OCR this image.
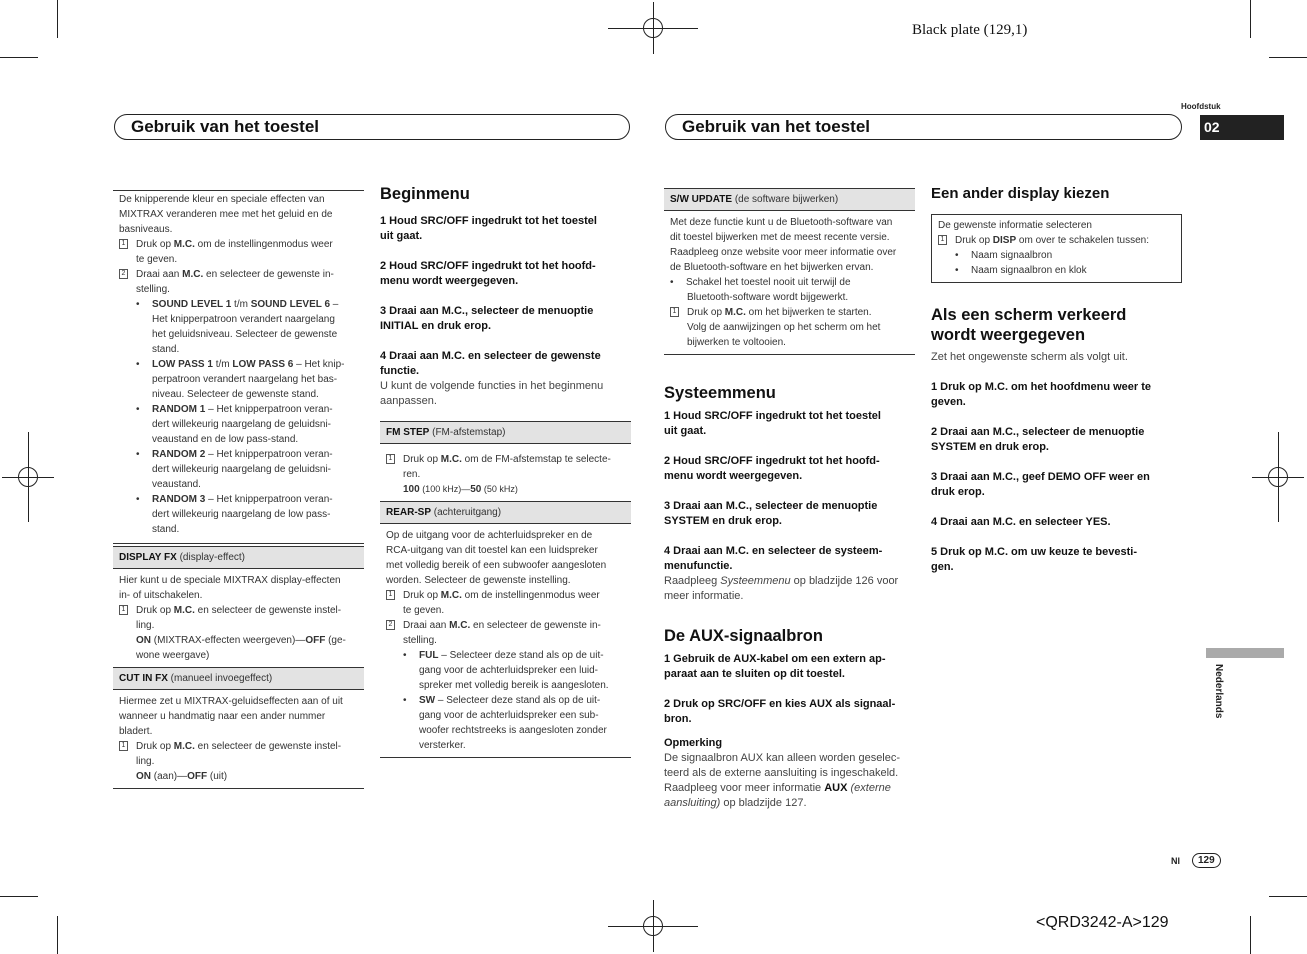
Black plate (129,1)
<QRD3242-A>129
Gebruik van het toestel	Gebruik van het toestel
Hoofdstuk
02
Nederlands
Nl	129
De knipperende kleur en speciale effecten van
MIXTRAX veranderen mee met het geluid en de
basniveaus.
1 Druk op M.C. om de instellingenmodus weer
te geven.
2 Draai aan M.C. en selecteer de gewenste in-
stelling.
•	SOUND LEVEL 1 t/m SOUND LEVEL 6 –
Het knipperpatroon verandert naargelang
het geluidsniveau. Selecteer de gewenste
stand.
•	LOW PASS 1 t/m LOW PASS 6 – Het knip-
perpatroon verandert naargelang het bas-
niveau. Selecteer de gewenste stand.
•	RANDOM 1 – Het knipperpatroon veran-
dert willekeurig naargelang de geluidsni-
veaustand en de low pass-stand.
•	RANDOM 2 – Het knipperpatroon veran-
dert willekeurig naargelang de geluidsni-
veaustand.
•	RANDOM 3 – Het knipperpatroon veran-
dert willekeurig naargelang de low pass-
stand.
DISPLAY FX (display-effect)
Hier kunt u de speciale MIXTRAX display-effecten
in- of uitschakelen.
1 Druk op M.C. en selecteer de gewenste instel-
ling.
ON (MIXTRAX-effecten weergeven)—OFF (ge-
wone weergave)
CUT IN FX (manueel invoegeffect)
Hiermee zet u MIXTRAX-geluidseffecten aan of uit
wanneer u handmatig naar een ander nummer
bladert.
1 Druk op M.C. en selecteer de gewenste instel-
ling.
ON (aan)—OFF (uit)
Beginmenu
1 Houd SRC/OFF ingedrukt tot het toestel
uit gaat.
2 Houd SRC/OFF ingedrukt tot het hoofd-
menu wordt weergegeven.
3 Draai aan M.C., selecteer de menuoptie
INITIAL en druk erop.
4 Draai aan M.C. en selecteer de gewenste
functie.
U kunt de volgende functies in het beginmenu
aanpassen.
FM STEP (FM-afstemstap)
1 Druk op M.C. om de FM-afstemstap te selecte-
ren.
100 (100 kHz)—50 (50 kHz)
REAR-SP (achteruitgang)
Op de uitgang voor de achterluidspreker en de
RCA-uitgang van dit toestel kan een luidspreker
met volledig bereik of een subwoofer aangesloten
worden. Selecteer de gewenste instelling.
1 Druk op M.C. om de instellingenmodus weer
te geven.
2 Draai aan M.C. en selecteer de gewenste in-
stelling.
•	FUL – Selecteer deze stand als op de uit-
gang voor de achterluidspreker een luid-
spreker met volledig bereik is aangesloten.
•	SW – Selecteer deze stand als op de uit-
gang voor de achterluidspreker een sub-
woofer rechtstreeks is aangesloten zonder
versterker.
S/W UPDATE (de software bijwerken)
Met deze functie kunt u de Bluetooth-software van
dit toestel bijwerken met de meest recente versie.
Raadpleeg onze website voor meer informatie over
de Bluetooth-software en het bijwerken ervan.
•	Schakel het toestel nooit uit terwijl de
Bluetooth-software wordt bijgewerkt.
1 Druk op M.C. om het bijwerken te starten.
Volg de aanwijzingen op het scherm om het
bijwerken te voltooien.
Systeemmenu
1 Houd SRC/OFF ingedrukt tot het toestel
uit gaat.
2 Houd SRC/OFF ingedrukt tot het hoofd-
menu wordt weergegeven.
3 Draai aan M.C., selecteer de menuoptie
SYSTEM en druk erop.
4 Draai aan M.C. en selecteer de systeem-
menufunctie.
Raadpleeg Systeemmenu op bladzijde 126 voor
meer informatie.
De AUX-signaalbron
1 Gebruik de AUX-kabel om een extern ap-
paraat aan te sluiten op dit toestel.
2 Druk op SRC/OFF en kies AUX als signaal-
bron.
Opmerking
De signaalbron AUX kan alleen worden geselec-
teerd als de externe aansluiting is ingeschakeld.
Raadpleeg voor meer informatie AUX (externe
aansluiting) op bladzijde 127.
Een ander display kiezen
De gewenste informatie selecteren
1 Druk op DISP om over te schakelen tussen:
•	Naam signaalbron
•	Naam signaalbron en klok
Als een scherm verkeerd
wordt weergegeven
Zet het ongewenste scherm als volgt uit.
1 Druk op M.C. om het hoofdmenu weer te
geven.
2 Draai aan M.C., selecteer de menuoptie
SYSTEM en druk erop.
3 Draai aan M.C., geef DEMO OFF weer en
druk erop.
4 Draai aan M.C. en selecteer YES.
5 Druk op M.C. om uw keuze te bevesti-
gen.
